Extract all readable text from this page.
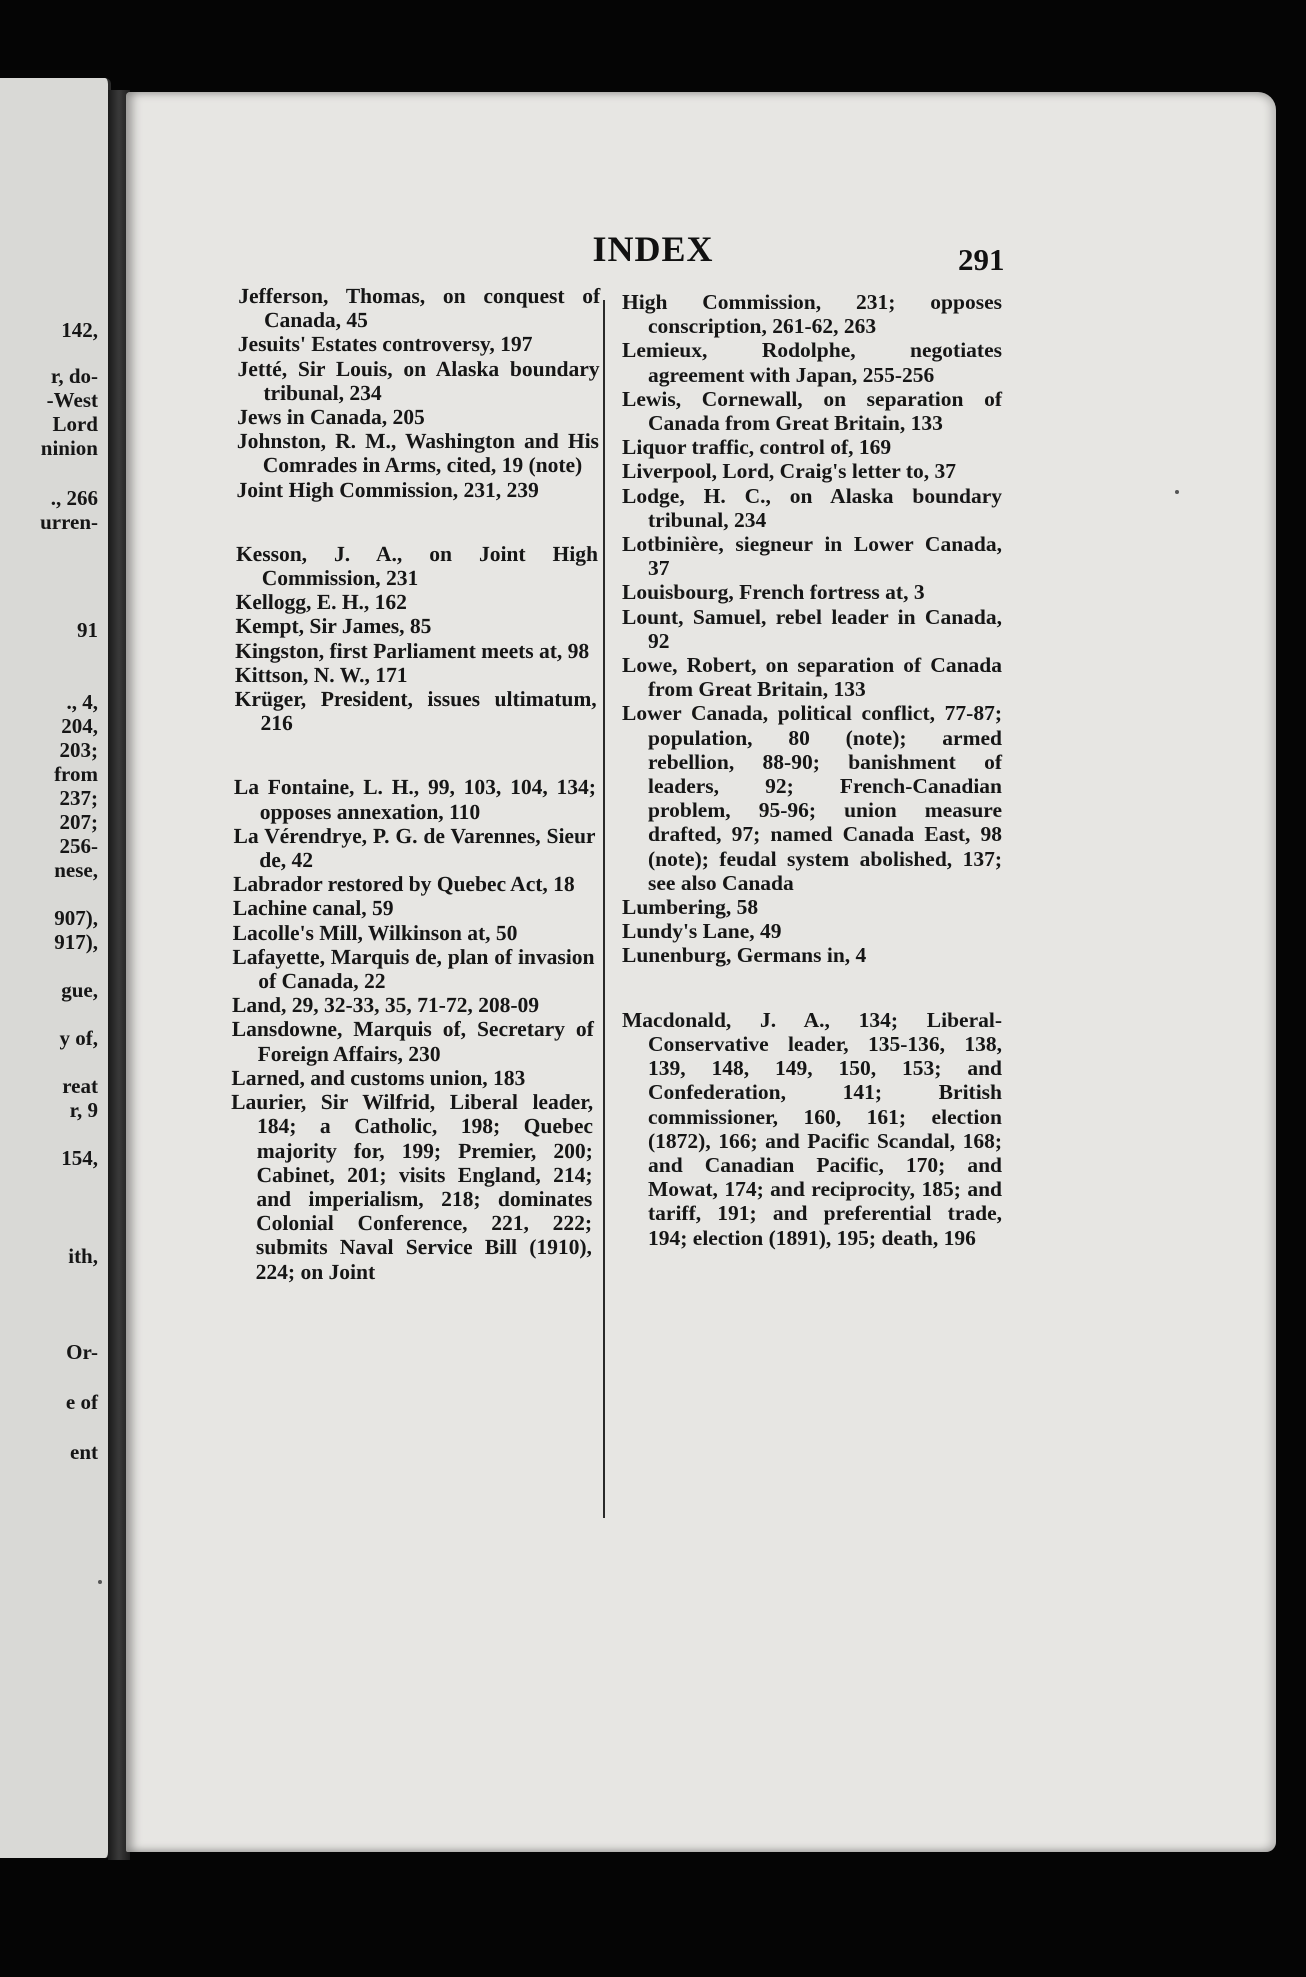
142,
r, do-
-West
Lord
ninion
., 266
urren-
91
., 4,
204,
203;
from
237;
207;
256-
nese,
907),
917),
gue,
y of,
reat
r, 9
154,
ith,
Or-
e of
ent
INDEX	291
Jefferson, Thomas, on conquest of Canada, 45
Jesuits' Estates controversy, 197
Jetté, Sir Louis, on Alaska boundary tribunal, 234
Jews in Canada, 205
Johnston, R. M., Washington and His Comrades in Arms, cited, 19 (note)
Joint High Commission, 231, 239
Kesson, J. A., on Joint High Commission, 231
Kellogg, E. H., 162
Kempt, Sir James, 85
Kingston, first Parliament meets at, 98
Kittson, N. W., 171
Krüger, President, issues ultimatum, 216
La Fontaine, L. H., 99, 103, 104, 134; opposes annexation, 110
La Vérendrye, P. G. de Varennes, Sieur de, 42
Labrador restored by Quebec Act, 18
Lachine canal, 59
Lacolle's Mill, Wilkinson at, 50
Lafayette, Marquis de, plan of invasion of Canada, 22
Land, 29, 32-33, 35, 71-72, 208-09
Lansdowne, Marquis of, Secretary of Foreign Affairs, 230
Larned, and customs union, 183
Laurier, Sir Wilfrid, Liberal leader, 184; a Catholic, 198; Quebec majority for, 199; Premier, 200; Cabinet, 201; visits England, 214; and imperialism, 218; dominates Colonial Conference, 221, 222; submits Naval Service Bill (1910), 224; on Joint
High Commission, 231; opposes conscription, 261-62, 263
Lemieux, Rodolphe, negotiates agreement with Japan, 255-256
Lewis, Cornewall, on separation of Canada from Great Britain, 133
Liquor traffic, control of, 169
Liverpool, Lord, Craig's letter to, 37
Lodge, H. C., on Alaska boundary tribunal, 234
Lotbinière, siegneur in Lower Canada, 37
Louisbourg, French fortress at, 3
Lount, Samuel, rebel leader in Canada, 92
Lowe, Robert, on separation of Canada from Great Britain, 133
Lower Canada, political conflict, 77-87; population, 80 (note); armed rebellion, 88-90; banishment of leaders, 92; French-Canadian problem, 95-96; union measure drafted, 97; named Canada East, 98 (note); feudal system abolished, 137; see also Canada
Lumbering, 58
Lundy's Lane, 49
Lunenburg, Germans in, 4
Macdonald, J. A., 134; Liberal-Conservative leader, 135-136, 138, 139, 148, 149, 150, 153; and Confederation, 141; British commissioner, 160, 161; election (1872), 166; and Pacific Scandal, 168; and Canadian Pacific, 170; and Mowat, 174; and reciprocity, 185; and tariff, 191; and preferential trade, 194; election (1891), 195; death, 196
